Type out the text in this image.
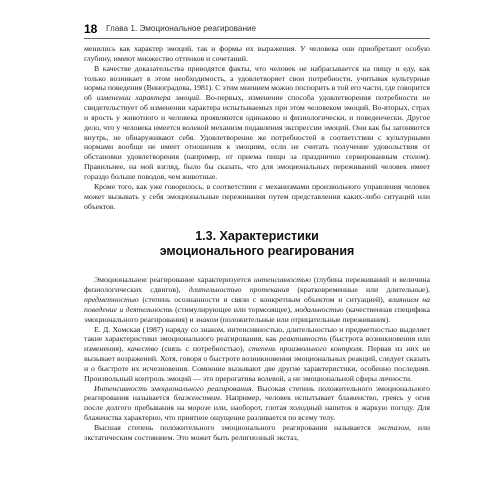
18 Глава 1. Эмоциональное реагирование

менились как характер эмоций, так и формы их выражения. У человека они приобретают особую глубину, имеют множество оттенков и сочетаний.

В качестве доказательства приводятся факты, что человек не набрасывается на пищу и еду, как только возникает в этом необходимость, а удовлетворяет свои потребности, учитывая культурные нормы поведения (Виноградова, 1981). С этим мнением можно поспорить в той его части, где говорится об изменении характера эмоций. Во-первых, изменение способа удовлетворения потребности не свидетельствует об изменении характера испытываемых при этом человеком эмоций. Во-вторых, страх и ярость у животного и человека проявляются одинаково и физиологически, и поведенчески. Другое дело, что у человека имеется волевой механизм подавления экспрессии эмоций. Они как бы загоняются внутрь, не обнаруживают себя. Удовлетворение же потребностей в соответствии с культурными нормами вообще не имеет отношения к эмоциям, если не считать получение удовольствия от обстановки удовлетворения (например, от приема пищи за празднично сервированным столом). Правильнее, на мой взгляд, было бы сказать, что для эмоциональных переживаний человек имеет гораздо больше поводов, чем животные.

Кроме того, как уже говорилось, в соответствии с механизмами произвольного управления человек может вызывать у себя эмоциональные переживания путем представления каких-либо ситуаций или объектов.

1.3. Характеристики
эмоционального реагирования

Эмоциональное реагирование характеризуется интенсивностью (глубина переживаний и величина физиологических сдвигов), длительностью протекания (кратковременные или длительные), предметностью (степень осознанности и связи с конкретным объектом и ситуацией), влиянием на поведение и деятельность (стимулирующее или тормозящее), модальностью (качественная специфика эмоционального реагирования) и знаком (положительные или отрицательные переживания).

Е. Д. Хомская (1987) наряду со знаком, интенсивностью, длительностью и предметностью выделяет такие характеристики эмоционального реагирования, как реактивность (быстрота возникновения или изменения), качество (связь с потребностью), степень произвольного контроля. Первая из них не вызывает возражений. Хотя, говоря о быстроте возникновения эмоциональных реакций, следует сказать и о быстроте их исчезновения. Сомнение вызывают две другие характеристики, особенно последняя. Произвольный контроль эмоций — это прерогатива волевой, а не эмоциональной сферы личности.

Интенсивность эмоционального реагирования. Высокая степень положительного эмоционального реагирования называется блаженством. Например, человек испытывает блаженство, греясь у огня после долгого пребывания на морозе или, наоборот, глотая холодный напиток в жаркую погоду. Для блаженства характерно, что приятное ощущение разливается по всему телу.

Высшая степень положительного эмоционального реагирования называется экстазом, или экстатическим состоянием. Это может быть религиозный экстаз,
